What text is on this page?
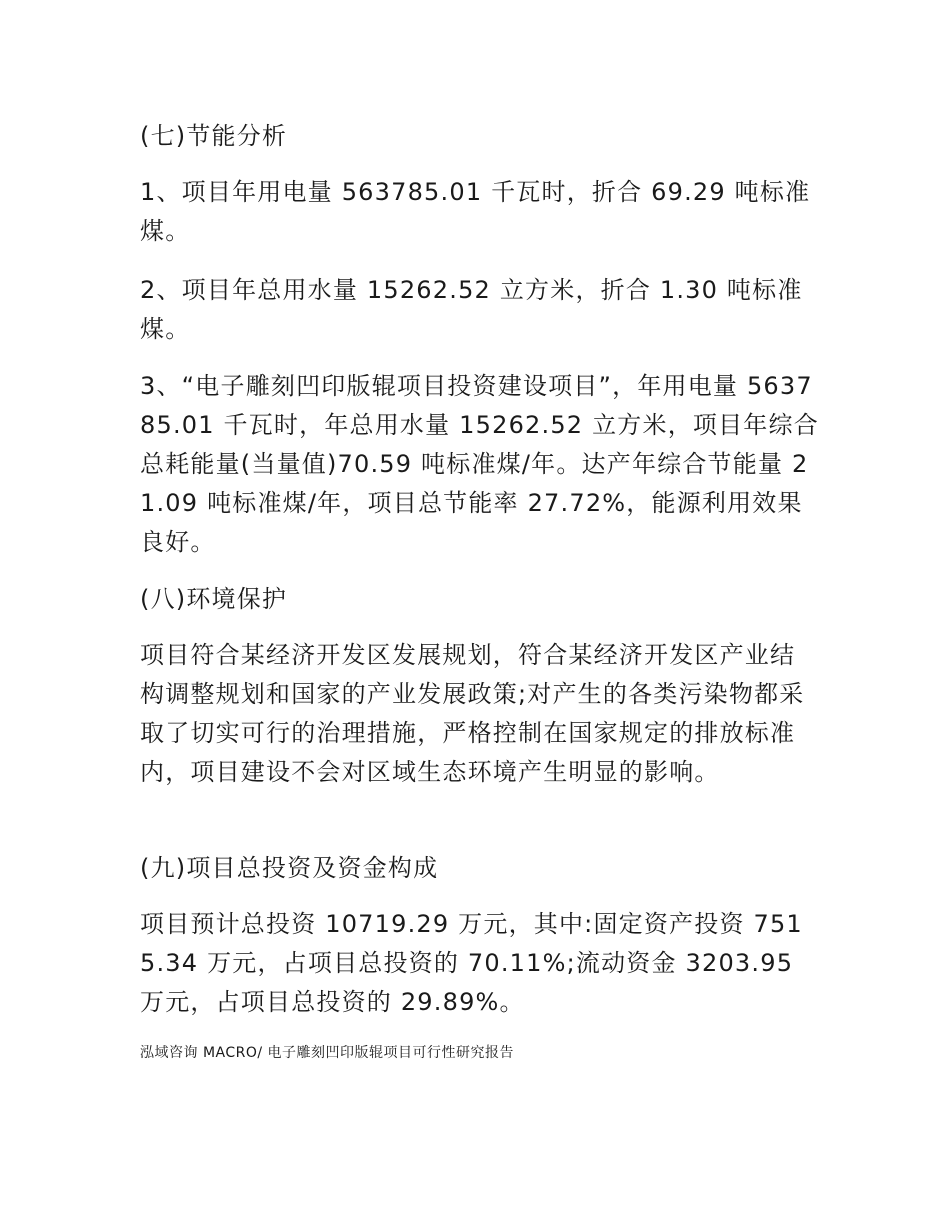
(七)节能分析

1、项目年用电量 563785.01 千瓦时，折合 69.29 吨标准煤。

2、项目年总用水量 15262.52 立方米，折合 1.30 吨标准煤。

3、“电子雕刻凹印版辊项目投资建设项目”，年用电量 563785.01 千瓦时，年总用水量 15262.52 立方米，项目年综合总耗能量(当量值)70.59 吨标准煤/年。达产年综合节能量 21.09 吨标准煤/年，项目总节能率 27.72%，能源利用效果良好。

(八)环境保护

项目符合某经济开发区发展规划，符合某经济开发区产业结构调整规划和国家的产业发展政策;对产生的各类污染物都采取了切实可行的治理措施，严格控制在国家规定的排放标准内，项目建设不会对区域生态环境产生明显的影响。

(九)项目总投资及资金构成

项目预计总投资 10719.29 万元，其中:固定资产投资 7515.34 万元，占项目总投资的 70.11%;流动资金 3203.95 万元，占项目总投资的 29.89%。

泓域咨询 MACRO/ 电子雕刻凹印版辊项目可行性研究报告
